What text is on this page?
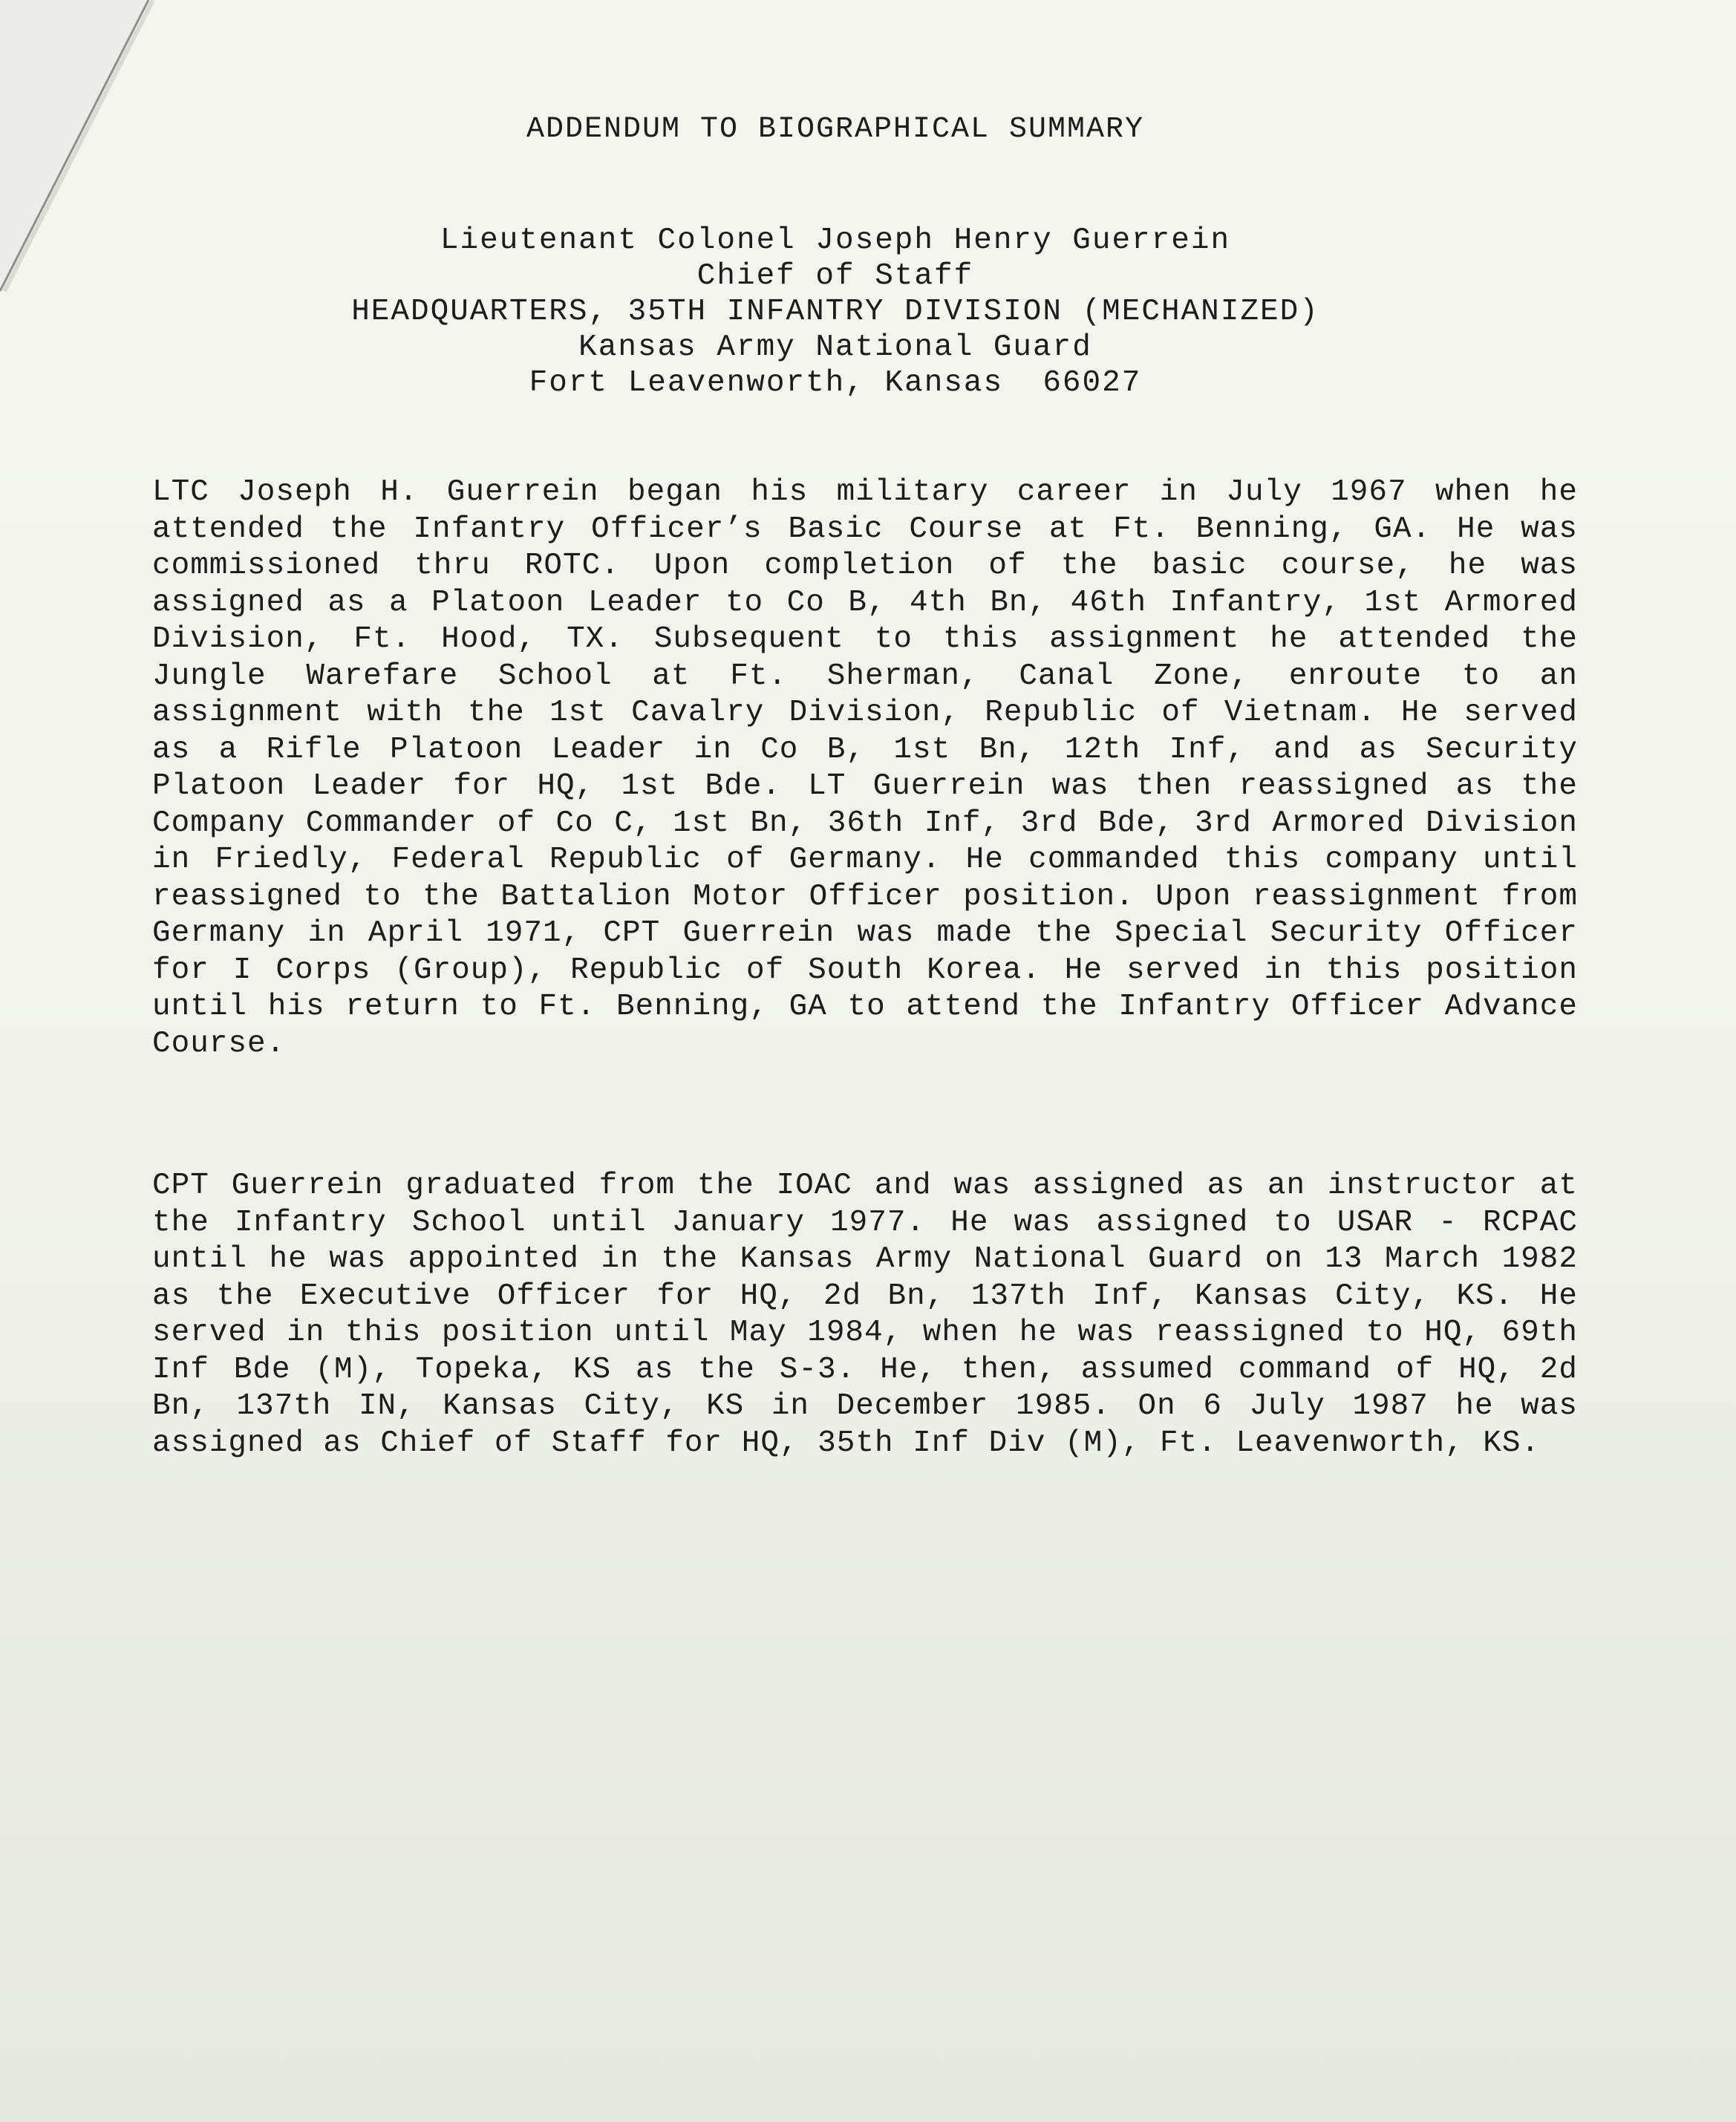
ADDENDUM TO BIOGRAPHICAL SUMMARY
Lieutenant Colonel Joseph Henry Guerrein
Chief of Staff
HEADQUARTERS, 35TH INFANTRY DIVISION (MECHANIZED)
Kansas Army National Guard
Fort Leavenworth, Kansas  66027

LTC Joseph H. Guerrein began his military career in July 1967 when he attended the Infantry Officer’s Basic Course at Ft. Benning, GA. He was commissioned thru ROTC. Upon completion of the basic course, he was assigned as a Platoon Leader to Co B, 4th Bn, 46th Infantry, 1st Armored Division, Ft. Hood, TX. Subsequent to this assignment he attended the Jungle Warefare School at Ft. Sherman, Canal Zone, enroute to an assignment with the 1st Cavalry Division, Republic of Vietnam. He served as a Rifle Platoon Leader in Co B, 1st Bn, 12th Inf, and as Security Platoon Leader for HQ, 1st Bde. LT Guerrein was then reassigned as the Company Commander of Co C, 1st Bn, 36th Inf, 3rd Bde, 3rd Armored Division in Friedly, Federal Republic of Germany. He commanded this company until reassigned to the Battalion Motor Officer position. Upon reassignment from Germany in April 1971, CPT Guerrein was made the Special Security Officer for I Corps (Group), Republic of South Korea. He served in this position until his return to Ft. Benning, GA to attend the Infantry Officer Advance Course.

CPT Guerrein graduated from the IOAC and was assigned as an instructor at the Infantry School until January 1977. He was assigned to USAR - RCPAC until he was appointed in the Kansas Army National Guard on 13 March 1982 as the Executive Officer for HQ, 2d Bn, 137th Inf, Kansas City, KS. He served in this position until May 1984, when he was reassigned to HQ, 69th Inf Bde (M), Topeka, KS as the S-3. He, then, assumed command of HQ, 2d Bn, 137th IN, Kansas City, KS in December 1985. On 6 July 1987 he was assigned as Chief of Staff for HQ, 35th Inf Div (M), Ft. Leavenworth, KS.
